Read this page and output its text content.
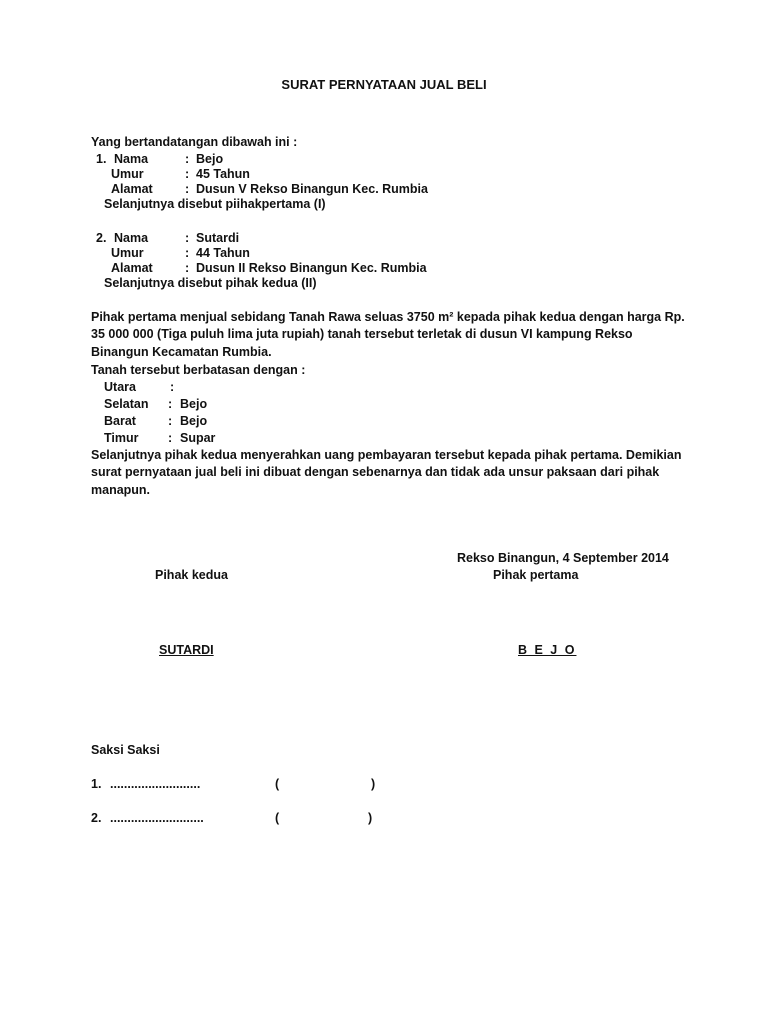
SURAT PERNYATAAN JUAL BELI
Yang bertandatangan dibawah ini :
1. Nama	: Bejo
Umur	: 45 Tahun
Alamat	: Dusun V Rekso Binangun Kec. Rumbia
Selanjutnya disebut piihakpertama (I)
2. Nama	: Sutardi
Umur	: 44 Tahun
Alamat	: Dusun II Rekso Binangun Kec. Rumbia
Selanjutnya disebut pihak kedua (II)
Pihak pertama menjual sebidang Tanah Rawa seluas 3750 m² kepada pihak kedua dengan harga Rp. 35 000 000 (Tiga puluh lima juta rupiah) tanah tersebut terletak di dusun VI kampung Rekso Binangun Kecamatan Rumbia.
Tanah tersebut berbatasan dengan :
Utara	:
Selatan : Bejo
Barat	: Bejo
Timur : Supar
Selanjutnya pihak kedua menyerahkan uang pembayaran tersebut kepada pihak pertama. Demikian surat pernyataan jual beli ini dibuat dengan sebenarnya dan tidak ada unsur paksaan dari pihak manapun.
Rekso Binangun, 4 September 2014
Pihak kedua	Pihak pertama
SUTARDI	B E J O
Saksi Saksi
1. ..........................	(	)
2. ...........................	(	)
